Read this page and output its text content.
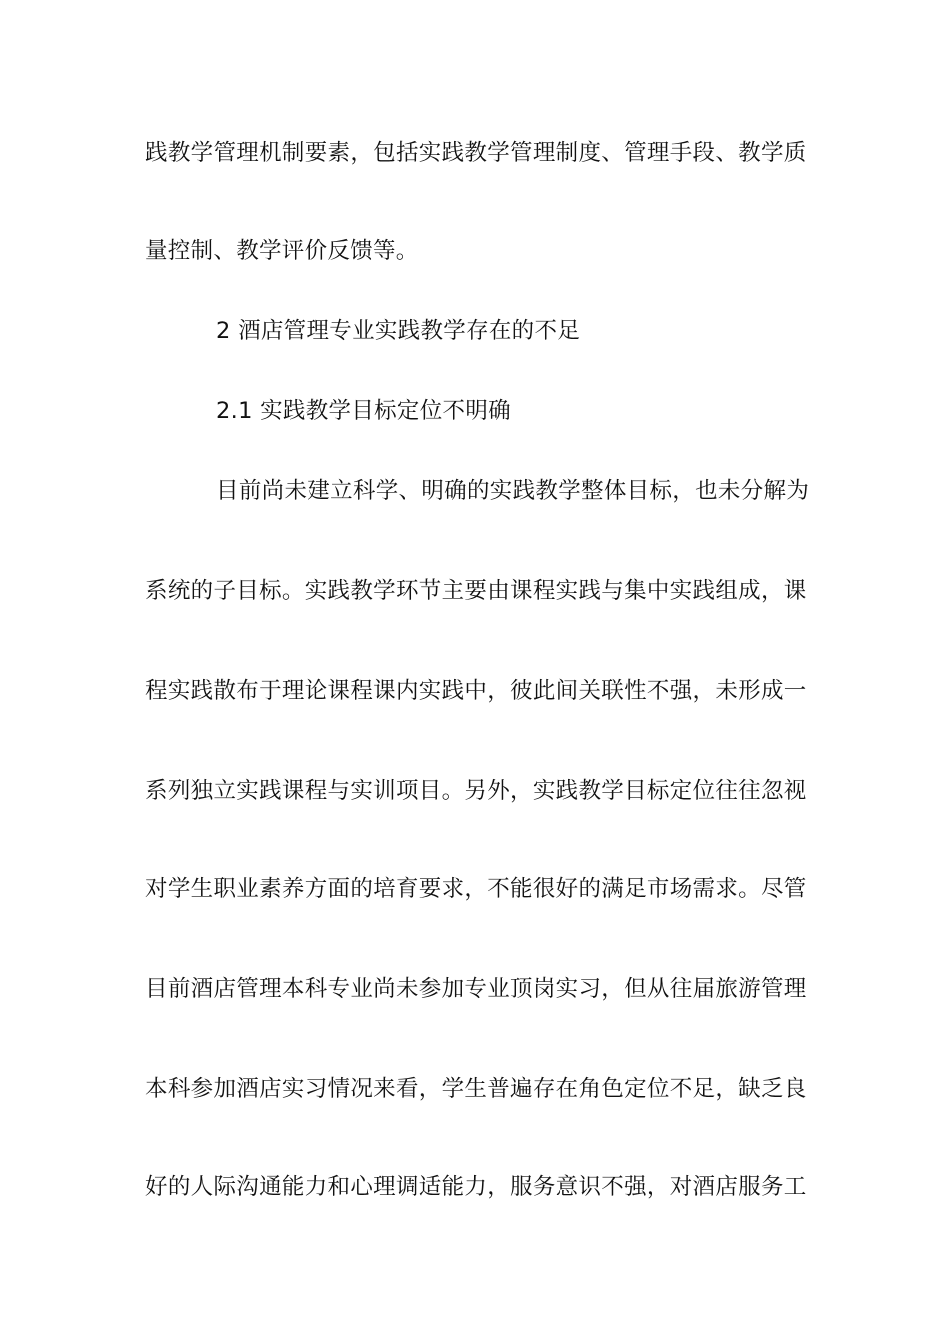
践 教 学 管 理 机 制 要 素 ， 包 括 实 践 教 学 管 理 制 度 、 管 理 手 段 、 教 学 质
量控制、教学评价反馈等。
2 酒店管理专业实践教学存在的不足
2.1 实践教学目标定位不明确
目 前 尚 未 建 立 科 学 、 明 确 的 实 践 教 学 整 体 目 标 ， 也 未 分 解 为
系 统 的 子 目 标 。 实 践 教 学 环 节 主 要 由 课 程 实 践 与 集 中 实 践 组 成 ， 课
程 实 践 散 布 于 理 论 课 程 课 内 实 践 中 ， 彼 此 间 关 联 性 不 强 ， 未 形 成 一
系 列 独 立 实 践 课 程 与 实 训 项 目 。 另 外 ， 实 践 教 学 目 标 定 位 往 往 忽 视
对 学 生 职 业 素 养 方 面 的 培 育 要 求 ， 不 能 很 好 的 满 足 市 场 需 求 。 尽 管
目 前 酒 店 管 理 本 科 专 业 尚 未 参 加 专 业 顶 岗 实 习 ， 但 从 往 届 旅 游 管 理
本 科 参 加 酒 店 实 习 情 况 来 看 ， 学 生 普 遍 存 在 角 色 定 位 不 足 ， 缺 乏 良
好 的 人 际 沟 通 能 力 和 心 理 调 适 能 力 ， 服 务 意 识 不 强 ， 对 酒 店 服 务 工
